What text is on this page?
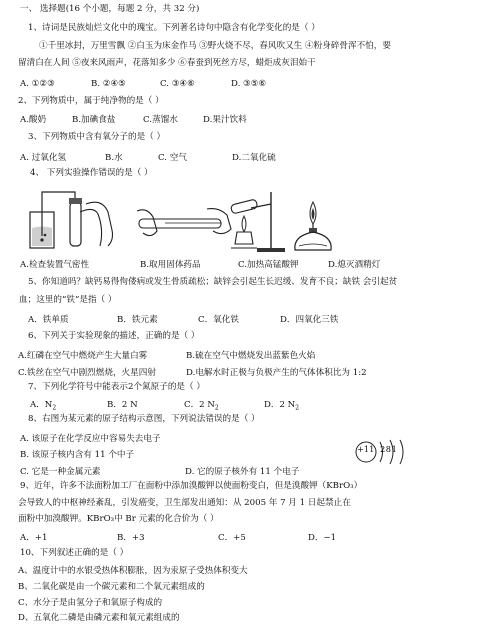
一、 选择题(16 个小题，每题 2 分，共 32 分)
1、诗词是民族灿烂文化中的瑰宝。下列著名诗句中隐含有化学变化的是（ ）
①千里冰封，万里雪飘 ②白玉为床金作马 ③野火烧不尽，春风吹又生 ④粉身碎骨浑不怕，要
留清白在人间 ⑤夜来风雨声，花落知多少 ⑥春蚕到死丝方尽，蜡炬成灰泪始干
A. ①②③	B. ②④⑤	C. ③④⑥	D. ③⑤⑥
2、下列物质中，属于纯净物的是（ ）
A.酸奶	B.加碘食盐	C.蒸馏水	D.果汁饮料
3、下列物质中含有氧分子的是（ ）
A. 过氧化氢	B.水	C. 空气	D.二氧化硫
4、 下列实验操作错误的是（ ）
A.检查装置气密性	B.取用固体药品	C.加热高锰酸钾	D.熄灭酒精灯
5、你知道吗？缺钙易得佝偻病或发生骨质疏松；缺锌会引起生长迟缓、发育不良；缺铁 会引起贫
血；这里的“铁”是指（ ）
A．铁单质	B．铁元素	C．氧化铁	D．四氧化三铁
6、下列关于实验现象的描述，正确的是（ ）
A.红磷在空气中燃烧产生大量白雾	B.硫在空气中燃烧发出蓝紫色火焰
C.铁丝在空气中剧烈燃烧，火星四射	D.电解水时正极与负极产生的气体体积比为 1:2
7、下列化学符号中能表示2个氮原子的是（ ）
A．$N_2$	B．2 N	C．2 $N_2$	D．2 $N_2$
8、右图为某元素的原子结构示意图，下列说法错误的是（ ）
A. 该原子在化学反应中容易失去电子
B. 该原子核内含有 11 个中子
C. 它是一种金属元素	D. 它的原子核外有 11 个电子
+11 2 8 1
9、近年，许多不法面粉加工厂在面粉中添加溴酸钾以使面粉变白，但是溴酸钾（KBrO₃）
会导致人的中枢神经紊乱，引发癌变，卫生部发出通知：从 2005 年 7 月 1 日起禁止在
面粉中加溴酸钾。KBrO₃中 Br 元素的化合价为（ ）
A．+1	B．+3	C．+5	D．−1
10、下列叙述正确的是（ ）
A、温度计中的水银受热体积膨胀，因为汞原子受热体积变大
B、二氧化碳是由一个碳元素和二个氧元素组成的
C、水分子是由氢分子和氧原子构成的
D、五氧化二磷是由磷元素和氧元素组成的
